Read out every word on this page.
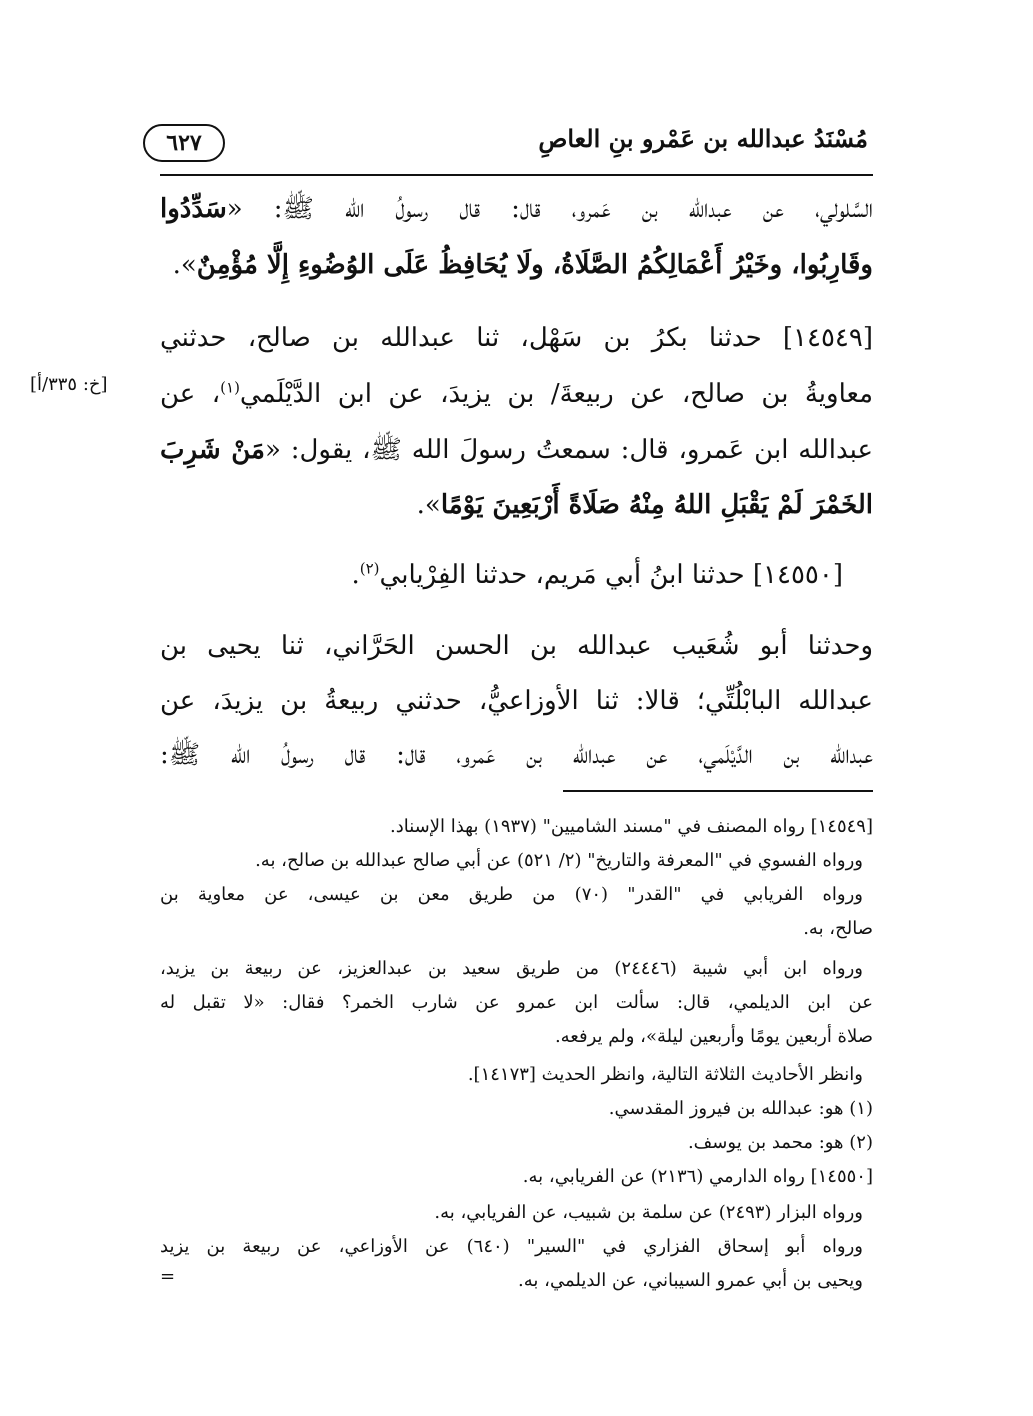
مُسْنَدُ عبدالله بن عَمْرو بنِ العاصِ
٦٢٧
السَّلولي، عن عبدالله بن عَمرو، قال: قال رسولُ الله ﷺ: «سَدِّدُوا
وقَارِبُوا، وخَيْرُ أَعْمَالِكُمُ الصَّلَاةُ، ولَا يُحَافِظُ عَلَى الوُضُوءِ إِلَّا مُؤْمِنٌ».
[١٤٥٤٩] حدثنا بكرُ بن سَهْل، ثنا عبدالله بن صالح، حدثني
معاويةُ بن صالح، عن ربيعةَ/ بن يزيدَ، عن ابن الدَّيْلَمي$^{(١)}$، عن
عبدالله ابن عَمرو، قال: سمعتُ رسولَ الله ﷺ، يقول: «مَنْ شَرِبَ
الخَمْرَ لَمْ يَقْبَلِ اللهُ مِنْهُ صَلَاةً أَرْبَعِينَ يَوْمًا».
[١٤٥٥٠] حدثنا ابنُ أبي مَريم، حدثنا الفِرْيابي$^{(٢)}$.
وحدثنا أبو شُعَيب عبدالله بن الحسن الحَرَّاني، ثنا يحيى بن
عبدالله البابْلُتِّي؛ قالا: ثنا الأوزاعيُّ، حدثني ربيعةُ بن يزيدَ، عن
عبدالله بن الدَّيْلَمي، عن عبدالله بن عَمرو، قال: قال رسولُ الله ﷺ:
[خ: ٣٣٥/أ]
[١٤٥٤٩] رواه المصنف في "مسند الشاميين" (١٩٣٧) بهذا الإسناد.
ورواه الفسوي في "المعرفة والتاريخ" (٢/ ٥٢١) عن أبي صالح عبدالله بن صالح، به.
ورواه الفريابي في "القدر" (٧٠) من طريق معن بن عيسى، عن معاوية بن
صالح، به.
ورواه ابن أبي شيبة (٢٤٤٤٦) من طريق سعيد بن عبدالعزيز، عن ربيعة بن يزيد،
عن ابن الديلمي، قال: سألت ابن عمرو عن شارب الخمر؟ فقال: «لا تقبل له
صلاة أربعين يومًا وأربعين ليلة»، ولم يرفعه.
وانظر الأحاديث الثلاثة التالية، وانظر الحديث [١٤١٧٣].
(١) هو: عبدالله بن فيروز المقدسي.
(٢) هو: محمد بن يوسف.
[١٤٥٥٠] رواه الدارمي (٢١٣٦) عن الفريابي، به.
ورواه البزار (٢٤٩٣) عن سلمة بن شبيب، عن الفريابي، به.
ورواه أبو إسحاق الفزاري في "السير" (٦٤٠) عن الأوزاعي، عن ربيعة بن يزيد
ويحيى بن أبي عمرو السيباني، عن الديلمي، به.
=
